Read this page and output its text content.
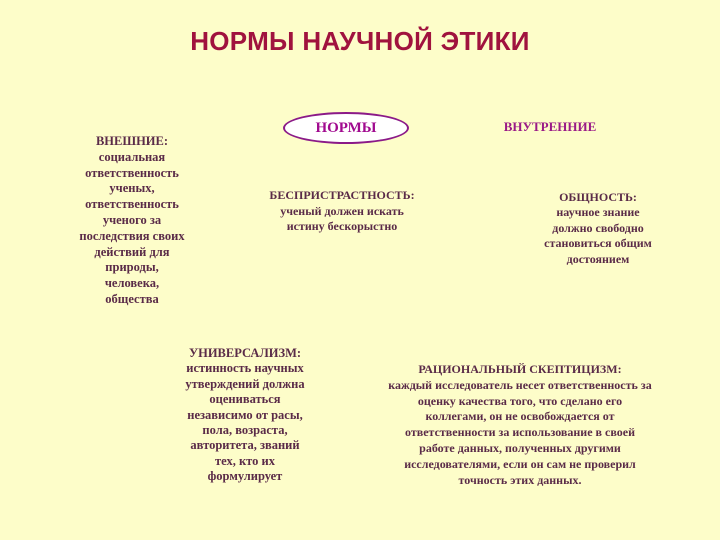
НОРМЫ НАУЧНОЙ ЭТИКИ
НОРМЫ	ВНУТРЕННИЕ
ВНЕШНИЕ:
социальная
ответственность
ученых,
ответственность
ученого за
последствия своих
действий для
природы,
человека,
общества
БЕСПРИСТРАСТНОСТЬ:
ученый должен искать
истину бескорыстно
ОБЩНОСТЬ:
научное знание
должно свободно
становиться общим
достоянием
УНИВЕРСАЛИЗМ:
истинность научных
утверждений должна
оцениваться
независимо от расы,
пола, возраста,
авторитета, званий
тех, кто их
формулирует
РАЦИОНАЛЬНЫЙ СКЕПТИЦИЗМ:
каждый исследователь несет ответственность за
оценку качества того, что сделано его
коллегами, он не освобождается от
ответственности за использование в своей
работе данных, полученных другими
исследователями, если он сам не проверил
точность этих данных.
